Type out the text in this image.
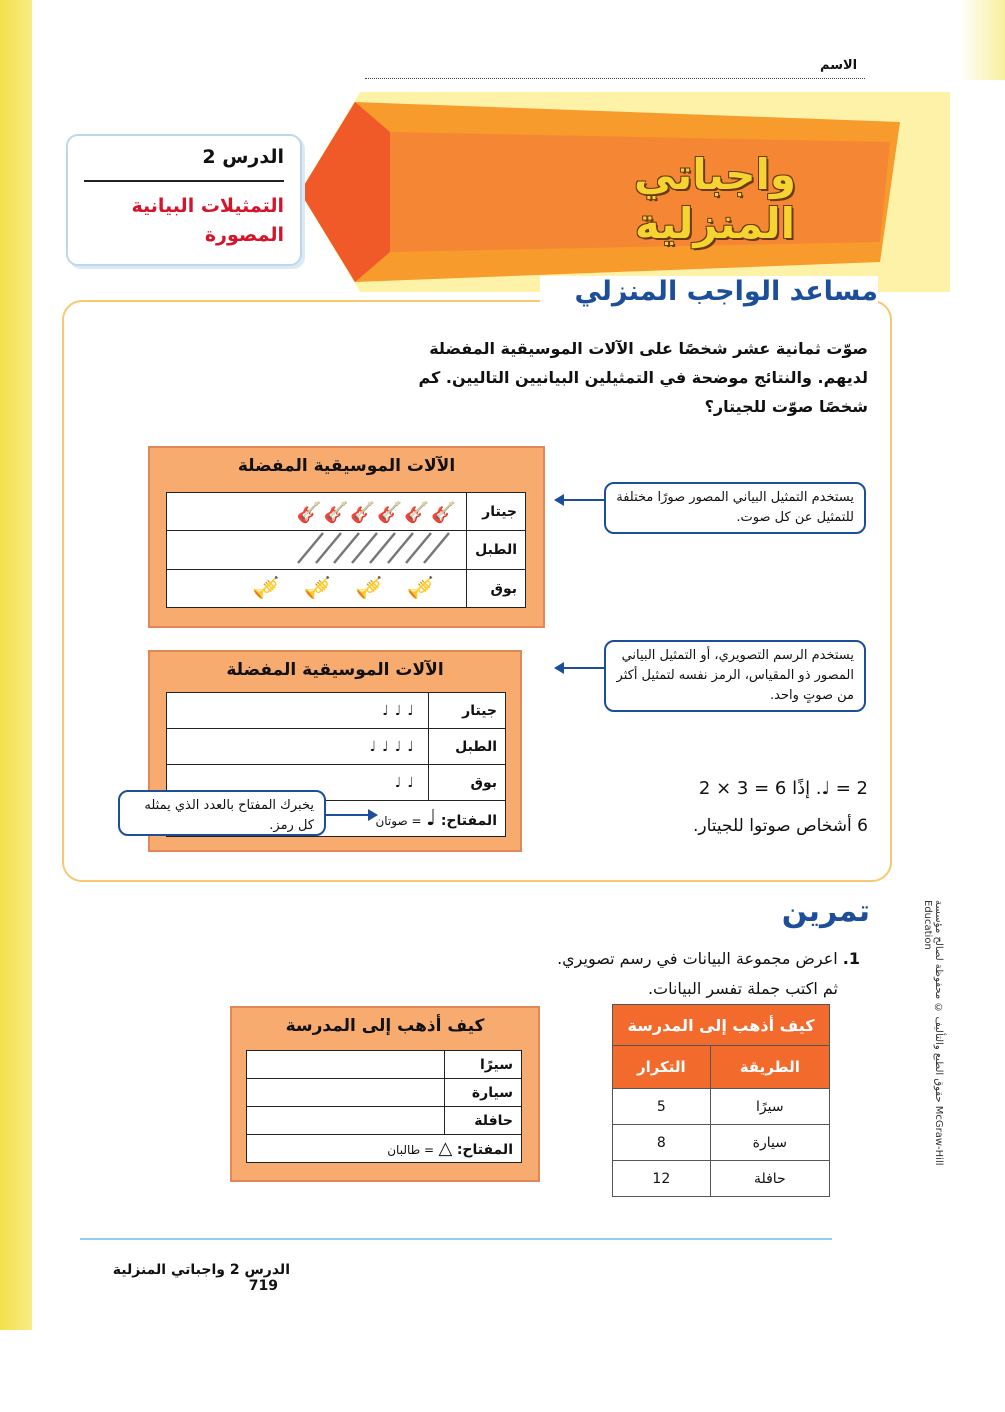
الاسم
واجباتي المنزلية
الدرس 2
التمثيلات البيانية المصورة
مساعد الواجب المنزلي
صوّت ثمانية عشر شخصًا على الآلات الموسيقية المفضلة لديهم. والنتائج موضحة في التمثيلين البيانيين التاليين. كم شخصًا صوّت للجيتار؟
الآلات الموسيقية المفضلة
جيتار	🎸🎸🎸🎸🎸🎸
الطبل	
بوق	🎺🎺🎺🎺
يستخدم التمثيل البياني المصور صورًا مختلفة للتمثيل عن كل صوت.
الآلات الموسيقية المفضلة
جيتار	♩♩♩
الطبل	♩♩♩♩
بوق	♩♩
المفتاح: ♩ = صوتان	
يستخدم الرسم التصويري، أو التمثيل البياني المصور ذو المقياس، الرمز نفسه لتمثيل أكثر من صوتٍ واحد.
يخبرك المفتاح بالعدد الذي يمثله كل رمز.
2 = ♩. إذًا 6 = 3 × 2
6 أشخاص صوتوا للجيتار.
تمرين
1. اعرض مجموعة البيانات في رسم تصويري.
ثم اكتب جملة تفسر البيانات.
كيف أذهب إلى المدرسة
سيرًا	
سيارة	
حافلة	
المفتاح: △ = طالبان	
كيف أذهب إلى المدرسة	
الطريقة	التكرار
سيرًا	5
سيارة	8
حافلة	12
حقوق الطبع والتأليف © محفوظة لصالح مؤسسة McGraw-Hill Education
الدرس 2 واجباتي المنزلية 719
